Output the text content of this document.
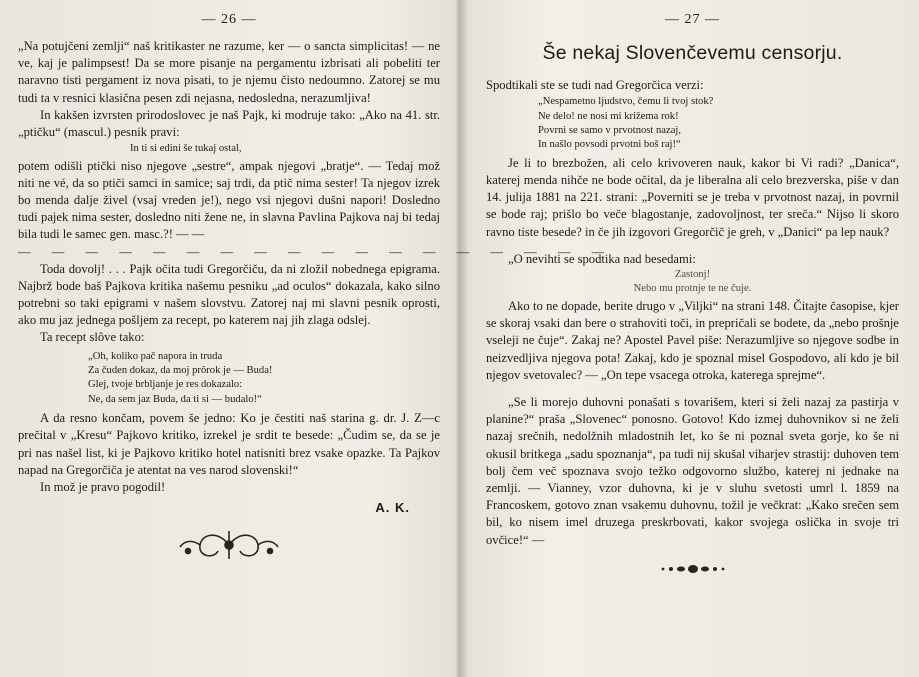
— 26 —

„Na potujčeni zemlji“ naš kritikaster ne razume, ker — o sancta simplicitas! — ne ve, kaj je palimpsest! Da se more pisanje na pergamentu izbrisati ali pobeliti ter naravno tisti pergament iz nova pisati, to je njemu čisto nedoumno. Zatorej se mu tudi ta v resnici klasična pesen zdi nejasna, nedosledna, nerazumljiva!

In kakšen izvrsten prirodoslovec je naš Pajk, ki modruje tako: „Ako na 41. str. „ptičku“ (mascul.) pesnik pravi:

In ti si edini še tukaj ostal,

potem odišli ptički niso njegove „sestre“, ampak njegovi „bratje“. — Tedaj mož niti ne vé, da so ptiči samci in samice; saj trdi, da ptič nima sester! Ta njegov izrek bo menda dalje živel (vsaj vreden je!), nego vsi njegovi dušni napori! Dosledno tudi pajek nima sester, dosledno niti žene ne, in slavna Pavlina Pajkova naj bi tedaj bila tudi le samec gen. masc.?! — —

— — — — — — — — — — — — — — — — — —

Toda dovolj! . . . Pajk očita tudi Gregorčiču, da ni zložil nobednega epigrama. Najbrž bode baš Pajkova kritika našemu pesniku „ad oculos“ dokazala, kako silno potrebni so taki epigrami v našem slovstvu. Zatorej naj mi slavni pesnik oprosti, ako mu jaz jednega pošljem za recept, po katerem naj jih zlaga odslej.

Ta recept slôve tako:

„Oh, koliko pač napora in truda
Za čuden dokaz, da moj prôrok je — Buda!
Glej, tvoje brbljanje je res dokazalo:
Ne, da sem jaz Buda, da ti si — budalo!“

A da resno končam, povem še jedno: Ko je čestiti naš starina g. dr. J. Z—c prečital v „Kresu“ Pajkovo kritiko, izrekel je srdit te besede: „Čudim se, da se je pri nas našel list, ki je Pajkovo kritiko hotel natisniti brez vsake opazke. Ta Pajkov napad na Gregorčiča je atentat na ves narod slovenski!“

In mož je pravo pogodil!

A. K.
— 27 —
Še nekaj Slovenčevemu censorju.

Spodtikali ste se tudi nad Gregorčica verzi:

„Nespametno ljudstvo, čemu li tvoj stok?
Ne delo! ne nosi mi križema rok!
Povrni se samo v prvotnost nazaj,
In našlo povsodi prvotni boš raj!“

Je li to brezbožen, ali celo krivoveren nauk, kakor bi Vi radi? „Danica“, katerej menda nihče ne bode očital, da je liberalna ali celo brezverska, piše v dan 14. julija 1881 na 221. strani: „Poverniti se je treba v prvotnost nazaj, in povrnil se bode raj; prišlo bo veče blagostanje, zadovoljnost, ter sreča.“ Nijso li skoro ravno tiste besede? in če jih izgovori Gregorčič je greh, v „Danici“ pa lep nauk?

„O nevihti se spodtika nad besedami:

Zastonj!
Nebo mu protnje te ne čuje.

Ako to ne dopade, berite drugo v „Viljki“ na strani 148. Čitajte časopise, kjer se skoraj vsaki dan bere o strahoviti toči, in prepričali se bodete, da „nebo prošnje vseleji ne čuje“. Zakaj ne? Apostel Pavel piše: Nerazumljive so njegove sodbe in neizvedljiva njegova pota! Zakaj, kdo je spoznal misel Gospodovo, ali kdo je bil njegov svetovalec? — „On tepe vsacega otroka, katerega sprejme“.

„Se li morejo duhovni ponašati s tovarišem, kteri si želi nazaj za pastirja v planine?“ praša „Slovenec“ ponosno. Gotovo! Kdo izmej duhovnikov si ne želi nazaj srečnih, nedolžnih mladostnih let, ko še ni poznal sveta gorje, ko še ni okusil britkega „sadu spoznanja“, pa tudi nij skušal viharjev strastij: duhoven tem bolj čem več spoznava svojo težko odgovorno službo, katerej ni jednake na zemlji. — Vianney, vzor duhovna, ki je v sluhu svetosti umrl l. 1859 na Francoskem, gotovo znan vsakemu duhovnu, tožil je večkrat: „Kako srečen sem bil, ko nisem imel druzega preskrbovati, kakor svojega oslička in svoje tri ovčice!“ —
